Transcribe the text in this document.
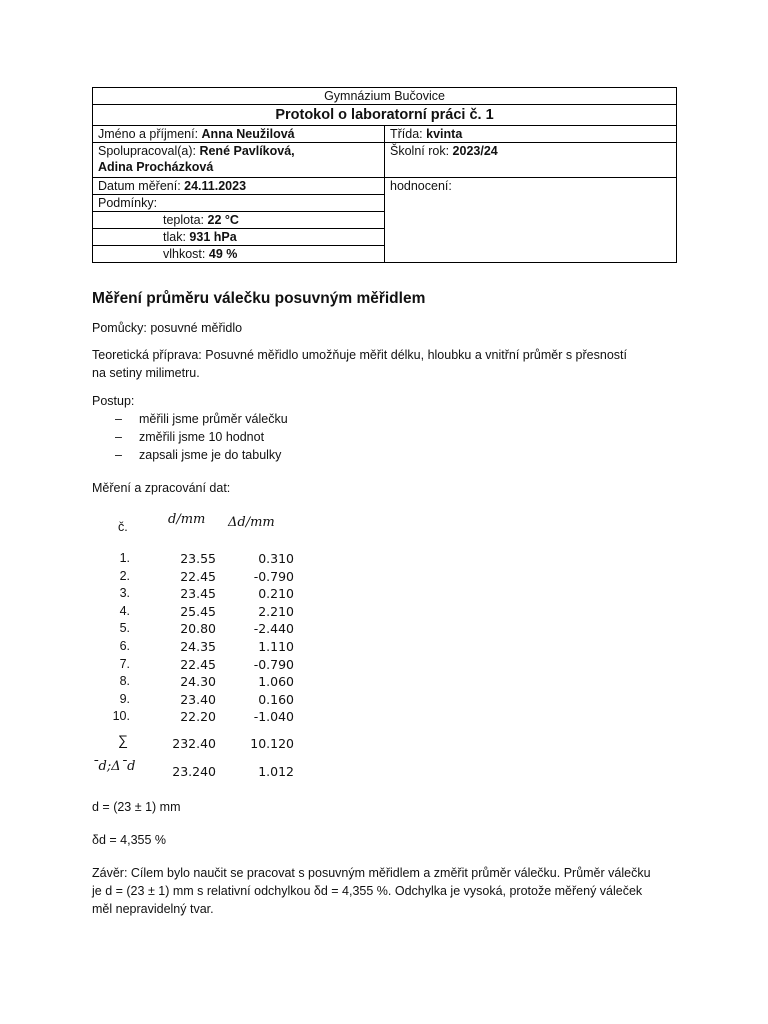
Gymnázium Bučovice	
Protokol o laboratorní práci č. 1	
Jméno a příjmení: Anna Neužilová	Třída: kvinta
Spolupracoval(a): René Pavlíková,
Adina Procházková	Školní rok: 2023/24
Datum měření: 24.11.2023	hodnocení:
Podmínky:	
teplota: 22 °C	
tlak: 931 hPa	
vlhkost: 49 %	
Měření průměru válečku posuvným měřidlem
Pomůcky: posuvné měřidlo
Teoretická příprava: Posuvné měřidlo umožňuje měřit délku, hloubku a vnitřní průměr s přesností
na setiny milimetru.
Postup:
– měřili jsme průměr válečku
– změřili jsme 10 hodnot
– zapsali jsme je do tabulky
Měření a zpracování dat:
č.	d/mm Δd/mm
1.	23.55	0.310
2.	22.45	-0.790
3.	23.45	0.210
4.	25.45	2.210
5.	20.80	-2.440
6.	24.35	1.110
7.	22.45	-0.790
8.	24.30	1.060
9.	23.40	0.160
10.	22.20	-1.040
∑	232.40	10.120
¯d;Δ¯d	23.240	1.012
d = (23 ± 1) mm
δd = 4,355 %
Závěr: Cílem bylo naučit se pracovat s posuvným měřidlem a změřit průměr válečku. Průměr válečku
je d = (23 ± 1) mm s relativní odchylkou δd = 4,355 %. Odchylka je vysoká, protože měřený váleček
měl nepravidelný tvar.
